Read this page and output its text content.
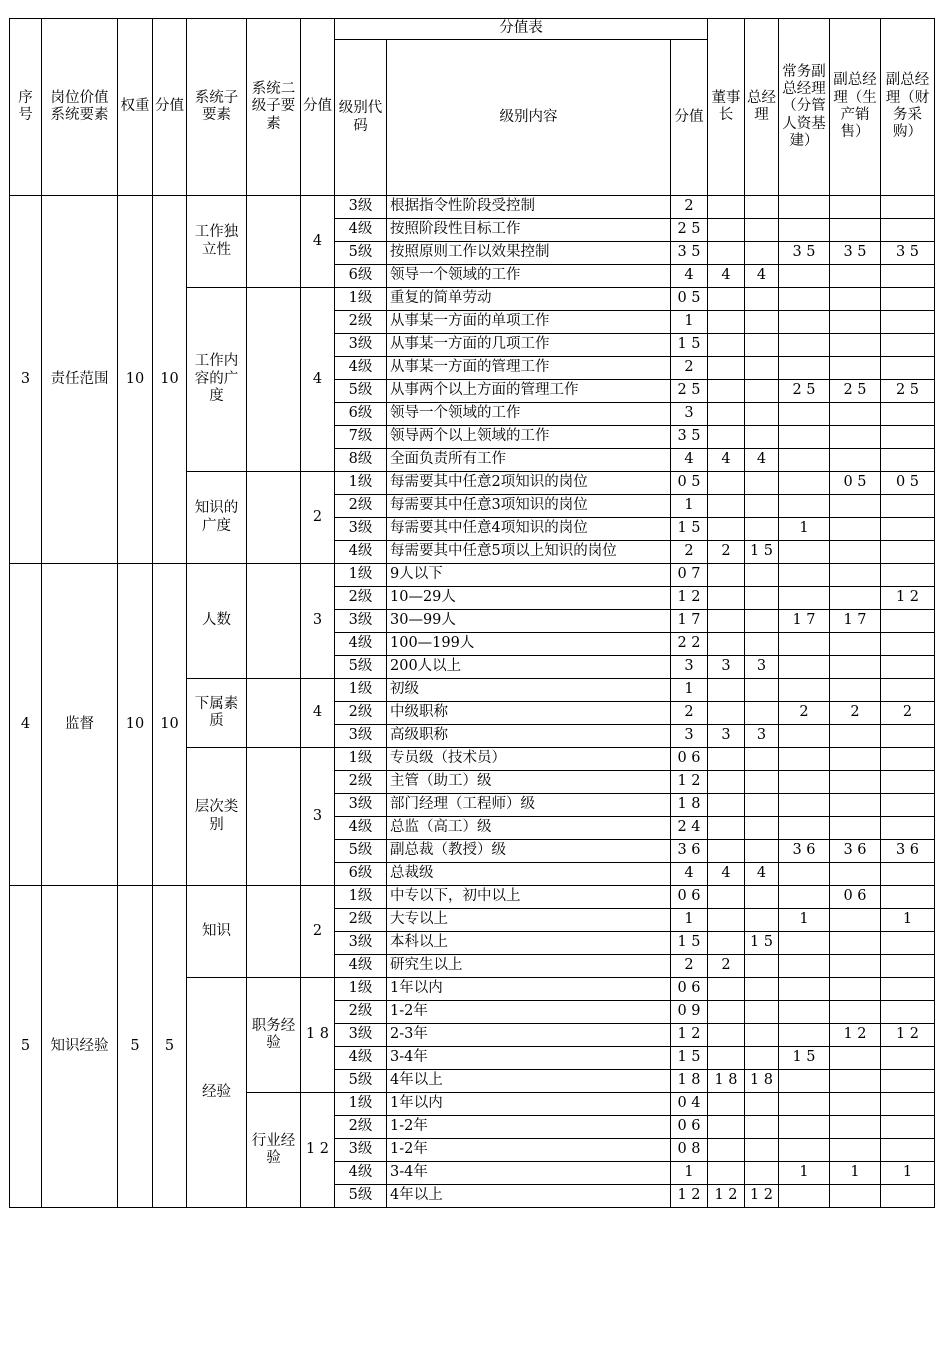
序号	岗位价值系统要素	权重	分值	系统子要素	系统二级子要素	分值	分值表			董事长	总经理	常务副总经理（分管人资基建）	副总经理（生产销售）	副总经理（财务采购）
							级别代码	级别内容	分值					
3	责任范围	10	10	工作独立性		4	3级	根据指令性阶段受控制	2					
							4级	按照阶段性目标工作	2 5					
							5级	按照原则工作以效果控制	3 5			3 5	3 5	3 5
							6级	领导一个领域的工作	4	4	4			
				工作内容的广度		4	1级	重复的简单劳动	0 5					
							2级	从事某一方面的单项工作	1					
							3级	从事某一方面的几项工作	1 5					
							4级	从事某一方面的管理工作	2					
							5级	从事两个以上方面的管理工作	2 5			2 5	2 5	2 5
							6级	领导一个领域的工作	3					
							7级	领导两个以上领域的工作	3 5					
							8级	全面负责所有工作	4	4	4			
				知识的广度		2	1级	每需要其中任意2项知识的岗位	0 5				0 5	0 5
							2级	每需要其中任意3项知识的岗位	1					
							3级	每需要其中任意4项知识的岗位	1 5			1		
							4级	每需要其中任意5项以上知识的岗位	2	2	1 5			
4	监督	10	10	人数		3	1级	9人以下	0 7					
							2级	10—29人	1 2					1 2
							3级	30—99人	1 7			1 7	1 7	
							4级	100—199人	2 2					
							5级	200人以上	3	3	3			
				下属素质		4	1级	初级	1					
							2级	中级职称	2			2	2	2
							3级	高级职称	3	3	3			
				层次类别		3	1级	专员级（技术员）	0 6					
							2级	主管（助工）级	1 2					
							3级	部门经理（工程师）级	1 8					
							4级	总监（高工）级	2 4					
							5级	副总裁（教授）级	3 6			3 6	3 6	3 6
							6级	总裁级	4	4	4			
5	知识经验	5	5	知识		2	1级	中专以下，初中以上	0 6				0 6	
							2级	大专以上	1			1		1
							3级	本科以上	1 5		1 5			
							4级	研究生以上	2	2				
				经验	职务经验	1 8	1级	1年以内	0 6					
							2级	1-2年	0 9					
							3级	2-3年	1 2				1 2	1 2
							4级	3-4年	1 5			1 5		
							5级	4年以上	1 8	1 8	1 8			
					行业经验	1 2	1级	1年以内	0 4					
							2级	1-2年	0 6					
							3级	1-2年	0 8					
							4级	3-4年	1			1	1	1
							5级	4年以上	1 2	1 2	1 2			
